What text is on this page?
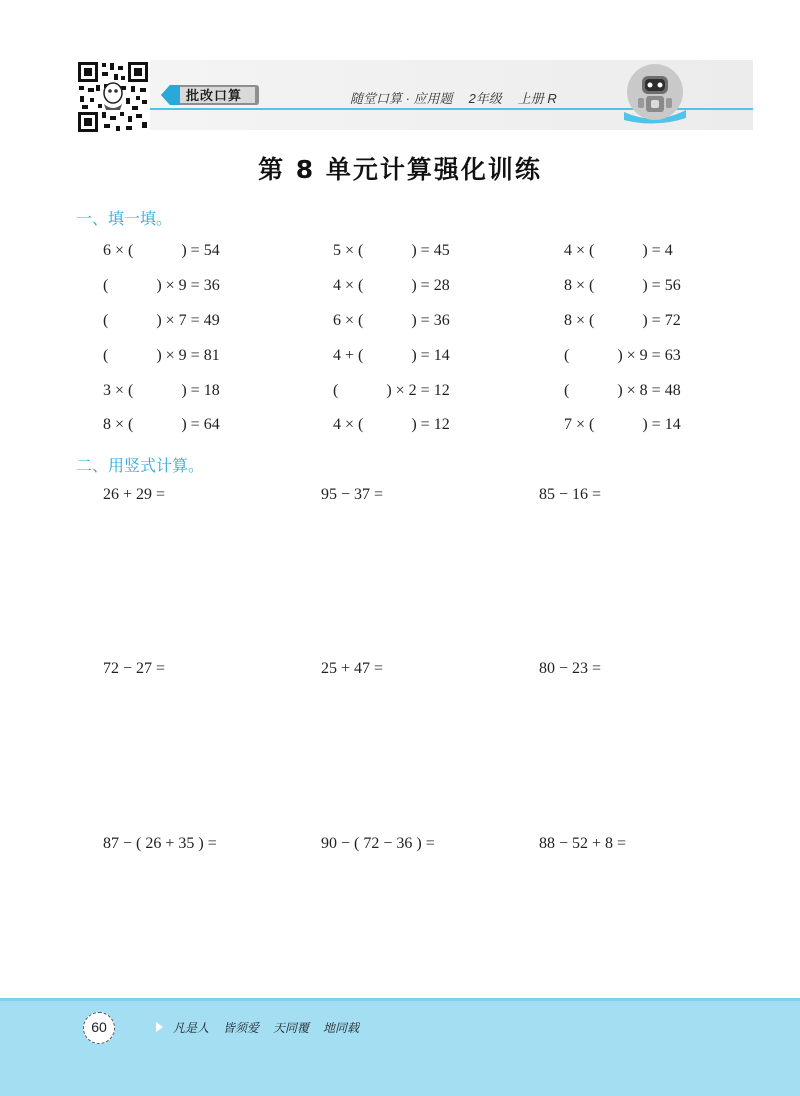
批改口算	随堂口算 · 应用题 2年级 上册 R
第 8 单元计算强化训练
一、填一填。
6 × (            ) = 54	5 × (            ) = 45	4 × (            ) = 4
(            ) × 9 = 36	4 × (            ) = 28	8 × (            ) = 56
(            ) × 7 = 49	6 × (            ) = 36	8 × (            ) = 72
(            ) × 9 = 81	4 + (            ) = 14	(            ) × 9 = 63
3 × (            ) = 18	(            ) × 2 = 12	(            ) × 8 = 48
8 × (            ) = 64	4 × (            ) = 12	7 × (            ) = 14
二、用竖式计算。
26 + 29 =	95 − 37 =	85 − 16 =
72 − 27 =	25 + 47 =	80 − 23 =
87 − ( 26 + 35 ) =	90 − ( 72 − 36 ) =	88 − 52 + 8 =
60	凡是人 皆须爱 天同覆 地同载
